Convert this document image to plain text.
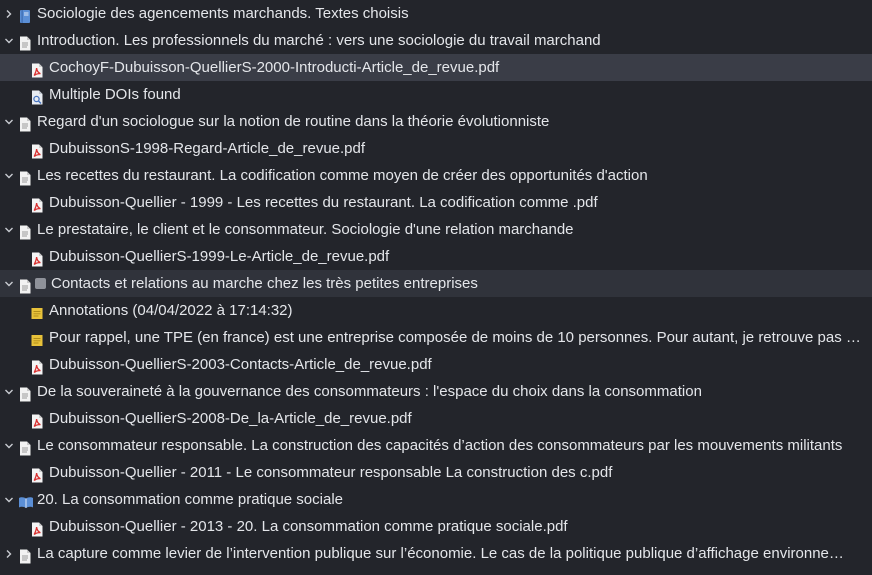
Sociologie des agencements marchands. Textes choisis
Introduction. Les professionnels du marché : vers une sociologie du travail marchand
CochoyF-Dubuisson-QuellierS-2000-Introducti-Article_de_revue.pdf
Multiple DOIs found
Regard d'un sociologue sur la notion de routine dans la théorie évolutionniste
DubuissonS-1998-Regard-Article_de_revue.pdf
Les recettes du restaurant. La codification comme moyen de créer des opportunités d'action
Dubuisson-Quellier - 1999 - Les recettes du restaurant. La codification comme .pdf
Le prestataire, le client et le consommateur. Sociologie d'une relation marchande
Dubuisson-QuellierS-1999-Le-Article_de_revue.pdf
Contacts et relations au marche chez les très petites entreprises
Annotations (04/04/2022 à 17:14:32)
Pour rappel, une TPE (en france) est une entreprise composée de moins de 10 personnes. Pour autant, je retrouve pas …
Dubuisson-QuellierS-2003-Contacts-Article_de_revue.pdf
De la souveraineté à la gouvernance des consommateurs : l'espace du choix dans la consommation
Dubuisson-QuellierS-2008-De_la-Article_de_revue.pdf
Le consommateur responsable. La construction des capacités d’action des consommateurs par les mouvements militants
Dubuisson-Quellier - 2011 - Le consommateur responsable La construction des c.pdf
20. La consommation comme pratique sociale
Dubuisson-Quellier - 2013 - 20. La consommation comme pratique sociale.pdf
La capture comme levier de l’intervention publique sur l’économie. Le cas de la politique publique d’affichage environne…
